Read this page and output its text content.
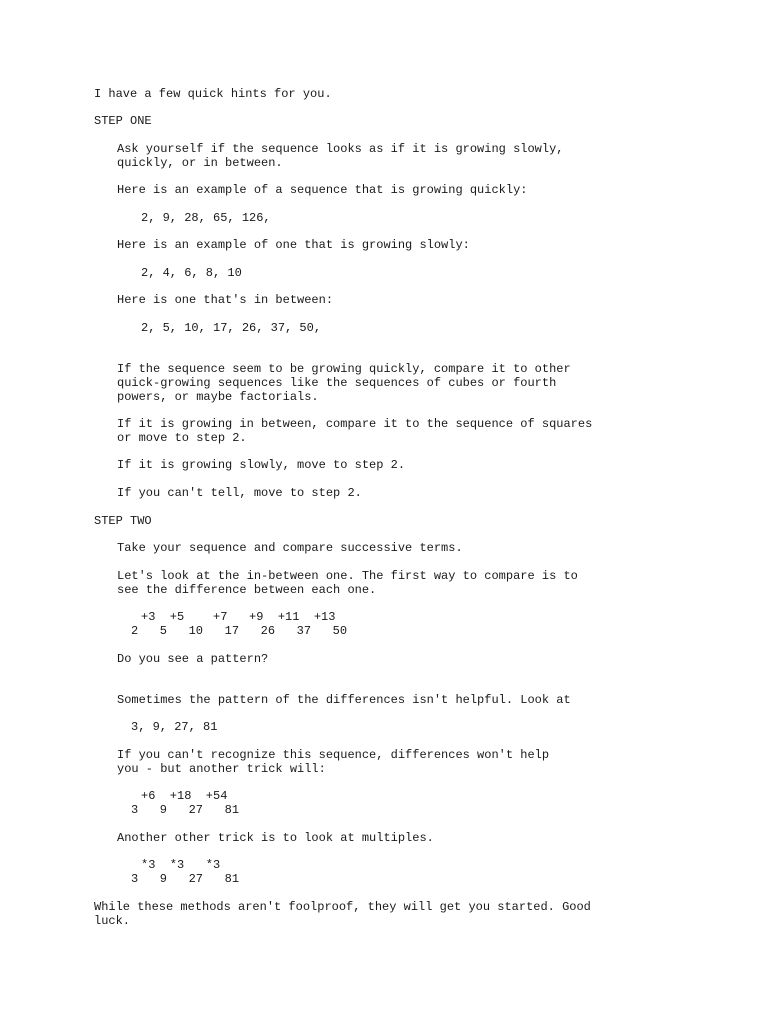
I have a few quick hints for you.

STEP ONE

Ask yourself if the sequence looks as if it is growing slowly,

quickly, or in between.

Here is an example of a sequence that is growing quickly:

2, 9, 28, 65, 126,

Here is an example of one that is growing slowly:

2, 4, 6, 8, 10

Here is one that's in between:

2, 5, 10, 17, 26, 37, 50,

If the sequence seem to be growing quickly, compare it to other

quick-growing sequences like the sequences of cubes or fourth

powers, or maybe factorials.

If it is growing in between, compare it to the sequence of squares

or move to step 2.

If it is growing slowly, move to step 2.

If you can't tell, move to step 2.

STEP TWO

Take your sequence and compare successive terms.

Let's look at the in-between one. The first way to compare is to

see the difference between each one.

+3  +5    +7   +9  +11  +13

2   5   10   17   26   37   50

Do you see a pattern?

Sometimes the pattern of the differences isn't helpful. Look at

3, 9, 27, 81

If you can't recognize this sequence, differences won't help

you - but another trick will:

+6  +18  +54

3   9   27   81

Another other trick is to look at multiples.

*3  *3   *3

3   9   27   81

While these methods aren't foolproof, they will get you started. Good

luck.
